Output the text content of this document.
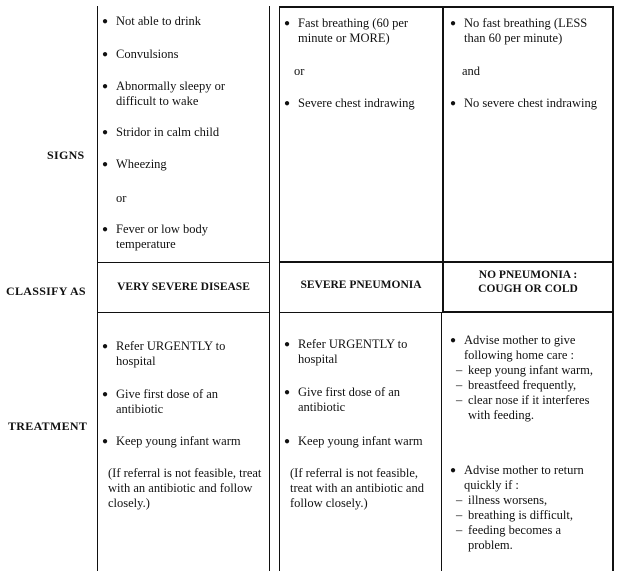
SIGNS
CLASSIFY AS
TREATMENT
● Not able to drink
● Convulsions
● Abnormally sleepy or difficult to wake
● Stridor in calm child
● Wheezing
or
● Fever or low body temperature
● Fast breathing (60 per minute or MORE)
or
● Severe chest indrawing
● No fast breathing (LESS than 60 per minute)
and
● No severe chest indrawing
VERY SEVERE DISEASE	SEVERE PNEUMONIA
NO PNEUMONIA :
COUGH OR COLD
● Refer URGENTLY to hospital
● Give first dose of an antibiotic
● Keep young infant warm
(If referral is not feasible, treat with an antibiotic and follow closely.)
● Refer URGENTLY to hospital
● Give first dose of an antibiotic
● Keep young infant warm
(If referral is not feasible, treat with an antibiotic and follow closely.)
● Advise mother to give following home care :
– keep young infant warm,
– breastfeed frequently,
– clear nose if it interferes with feeding.
● Advise mother to return quickly if :
– illness worsens,
– breathing is difficult,
– feeding becomes a problem.
